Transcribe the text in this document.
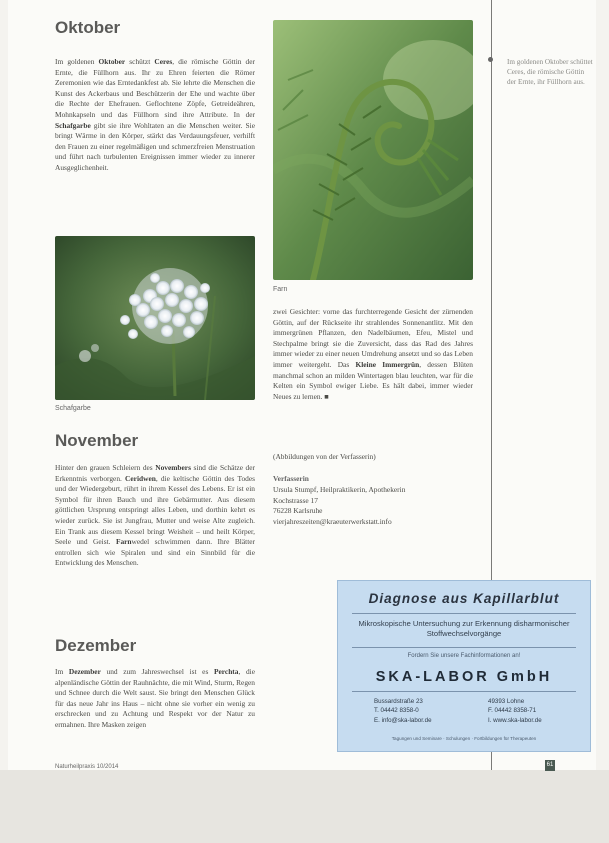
Oktober
Im goldenen Oktober schützt Ceres, die römische Göttin der Ernte, die Füllhorn aus. Ihr zu Ehren feierten die Römer Zeremonien wie das Erntedankfest ab. Sie lehrte die Menschen die Kunst des Ackerbaus und Beschützerin der Ehe und wachte über die Rechte der Ehefrauen. Geflochtene Zöpfe, Getreideähren, Mohnkapseln und das Füllhorn sind ihre Attribute. In der Schafgarbe gibt sie ihre Wohltaten an die Menschen weiter. Sie bringt Wärme in den Körper, stärkt das Verdauungsfeuer, verhilft den Frauen zu einer regelmäßigen und schmerzfreien Menstruation und führt nach turbulenten Ereignissen immer wieder zu innerer Ausgeglichenheit.
Schafgarbe
November
Hinter den grauen Schleiern des Novembers sind die Schätze der Erkenntnis verborgen. Ceridwen, die keltische Göttin des Todes und der Wiedergeburt, rührt in ihrem Kessel des Lebens. Er ist ein Symbol für ihren Bauch und ihre Gebärmutter. Aus diesem göttlichen Ursprung entspringt alles Leben, und dorthin kehrt es wieder zurück. Sie ist Jungfrau, Mutter und weise Alte zugleich. Ein Trank aus diesem Kessel bringt Weisheit – und heilt Körper, Seele und Geist. Farnwedel schwimmen dann. Ihre Blätter entrollen sich wie Spiralen und sind ein Sinnbild für die Entwicklung des Menschen.
Dezember
Im Dezember und zum Jahreswechsel ist es Perchta, die alpenländische Göttin der Rauhnächte, die mit Wind, Sturm, Regen und Schnee durch die Welt saust. Sie bringt den Menschen Glück für das neue Jahr ins Haus – nicht ohne sie vorher ein wenig zu erschrecken und zu Achtung und Respekt vor der Natur zu ermahnen. Ihre Masken zeigen
Farn
zwei Gesichter: vorne das furchterregende Gesicht der zürnenden Göttin, auf der Rückseite ihr strahlendes Sonnenantlitz. Mit den immergrünen Pflanzen, den Nadelbäumen, Efeu, Mistel und Stechpalme bringt sie die Zuversicht, dass das Rad des Jahres immer wieder zu einer neuen Umdrehung ansetzt und so das Leben immer weitergeht. Das Kleine Immergrün, dessen Blüten manchmal schon an milden Wintertagen blau leuchten, war für die Kelten ein Symbol ewiger Liebe. Es hält dabei, immer wieder Neues zu lernen. ■
(Abbildungen von der Verfasserin)
Verfasserin
Ursula Stumpf, Heilpraktikerin, Apothekerin
Kochstrasse 17
76228 Karlsruhe
vierjahreszeiten@kraeuterwerkstatt.info
Im goldenen Oktober schüttet Ceres, die römische Göttin der Ernte, ihr Füllhorn aus.
Diagnose aus Kapillarblut
Mikroskopische Untersuchung zur Erkennung disharmonischer Stoffwechselvorgänge
Fordern Sie unsere Fachinformationen an!
SKA-LABOR GmbH
Bussardstraße 23
T. 04442 8358-0
E. info@ska-labor.de
49393 Lohne
F. 04442 8358-71
I. www.ska-labor.de
Tagungen und Seminare · Schulungen · Fortbildungen für Therapeuten
Naturheilpraxis 10/2014	61
